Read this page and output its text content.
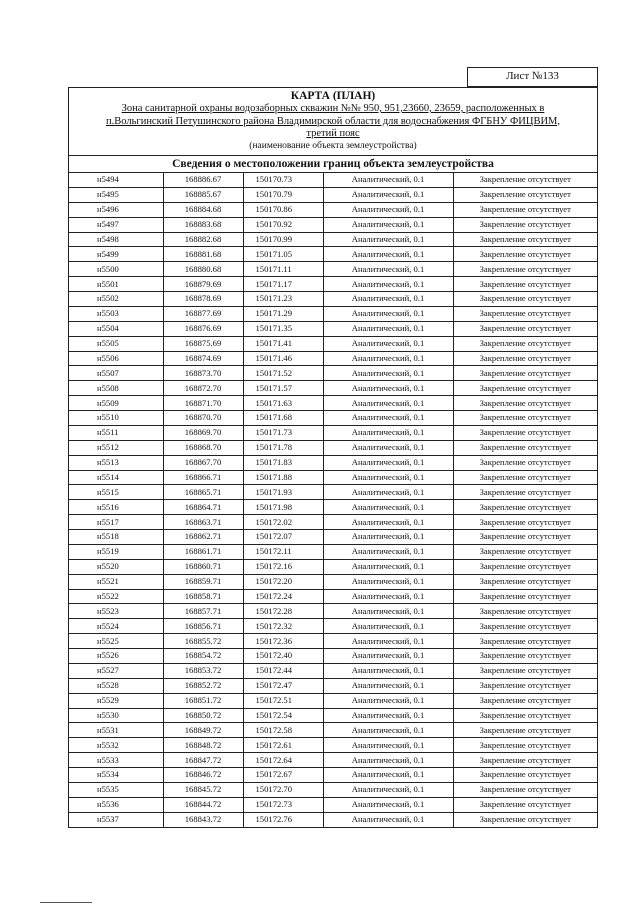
Лист №133
КАРТА (ПЛАН)
Зона санитарной охраны водозаборных скважин №№ 950, 951,23660, 23659, расположенных в
п.Вольгинский Петушинского района Владимирской области для водоснабжения ФГБНУ ФИЦВИМ,
третий пояс
(наименование объекта землеустройства)
Сведения о местоположении границ объекта землеустройства
н5494	168886.67	150170.73	Аналитический, 0.1	Закрепление отсутствует
н5495	168885.67	150170.79	Аналитический, 0.1	Закрепление отсутствует
н5496	168884.68	150170.86	Аналитический, 0.1	Закрепление отсутствует
н5497	168883.68	150170.92	Аналитический, 0.1	Закрепление отсутствует
н5498	168882.68	150170.99	Аналитический, 0.1	Закрепление отсутствует
н5499	168881.68	150171.05	Аналитический, 0.1	Закрепление отсутствует
н5500	168880.68	150171.11	Аналитический, 0.1	Закрепление отсутствует
н5501	168879.69	150171.17	Аналитический, 0.1	Закрепление отсутствует
н5502	168878.69	150171.23	Аналитический, 0.1	Закрепление отсутствует
н5503	168877.69	150171.29	Аналитический, 0.1	Закрепление отсутствует
н5504	168876.69	150171.35	Аналитический, 0.1	Закрепление отсутствует
н5505	168875.69	150171.41	Аналитический, 0.1	Закрепление отсутствует
н5506	168874.69	150171.46	Аналитический, 0.1	Закрепление отсутствует
н5507	168873.70	150171.52	Аналитический, 0.1	Закрепление отсутствует
н5508	168872.70	150171.57	Аналитический, 0.1	Закрепление отсутствует
н5509	168871.70	150171.63	Аналитический, 0.1	Закрепление отсутствует
н5510	168870.70	150171.68	Аналитический, 0.1	Закрепление отсутствует
н5511	168869.70	150171.73	Аналитический, 0.1	Закрепление отсутствует
н5512	168868.70	150171.78	Аналитический, 0.1	Закрепление отсутствует
н5513	168867.70	150171.83	Аналитический, 0.1	Закрепление отсутствует
н5514	168866.71	150171.88	Аналитический, 0.1	Закрепление отсутствует
н5515	168865.71	150171.93	Аналитический, 0.1	Закрепление отсутствует
н5516	168864.71	150171.98	Аналитический, 0.1	Закрепление отсутствует
н5517	168863.71	150172.02	Аналитический, 0.1	Закрепление отсутствует
н5518	168862.71	150172.07	Аналитический, 0.1	Закрепление отсутствует
н5519	168861.71	150172.11	Аналитический, 0.1	Закрепление отсутствует
н5520	168860.71	150172.16	Аналитический, 0.1	Закрепление отсутствует
н5521	168859.71	150172.20	Аналитический, 0.1	Закрепление отсутствует
н5522	168858.71	150172.24	Аналитический, 0.1	Закрепление отсутствует
н5523	168857.71	150172.28	Аналитический, 0.1	Закрепление отсутствует
н5524	168856.71	150172.32	Аналитический, 0.1	Закрепление отсутствует
н5525	168855.72	150172.36	Аналитический, 0.1	Закрепление отсутствует
н5526	168854.72	150172.40	Аналитический, 0.1	Закрепление отсутствует
н5527	168853.72	150172.44	Аналитический, 0.1	Закрепление отсутствует
н5528	168852.72	150172.47	Аналитический, 0.1	Закрепление отсутствует
н5529	168851.72	150172.51	Аналитический, 0.1	Закрепление отсутствует
н5530	168850.72	150172.54	Аналитический, 0.1	Закрепление отсутствует
н5531	168849.72	150172.58	Аналитический, 0.1	Закрепление отсутствует
н5532	168848.72	150172.61	Аналитический, 0.1	Закрепление отсутствует
н5533	168847.72	150172.64	Аналитический, 0.1	Закрепление отсутствует
н5534	168846.72	150172.67	Аналитический, 0.1	Закрепление отсутствует
н5535	168845.72	150172.70	Аналитический, 0.1	Закрепление отсутствует
н5536	168844.72	150172.73	Аналитический, 0.1	Закрепление отсутствует
н5537	168843.72	150172.76	Аналитический, 0.1	Закрепление отсутствует
